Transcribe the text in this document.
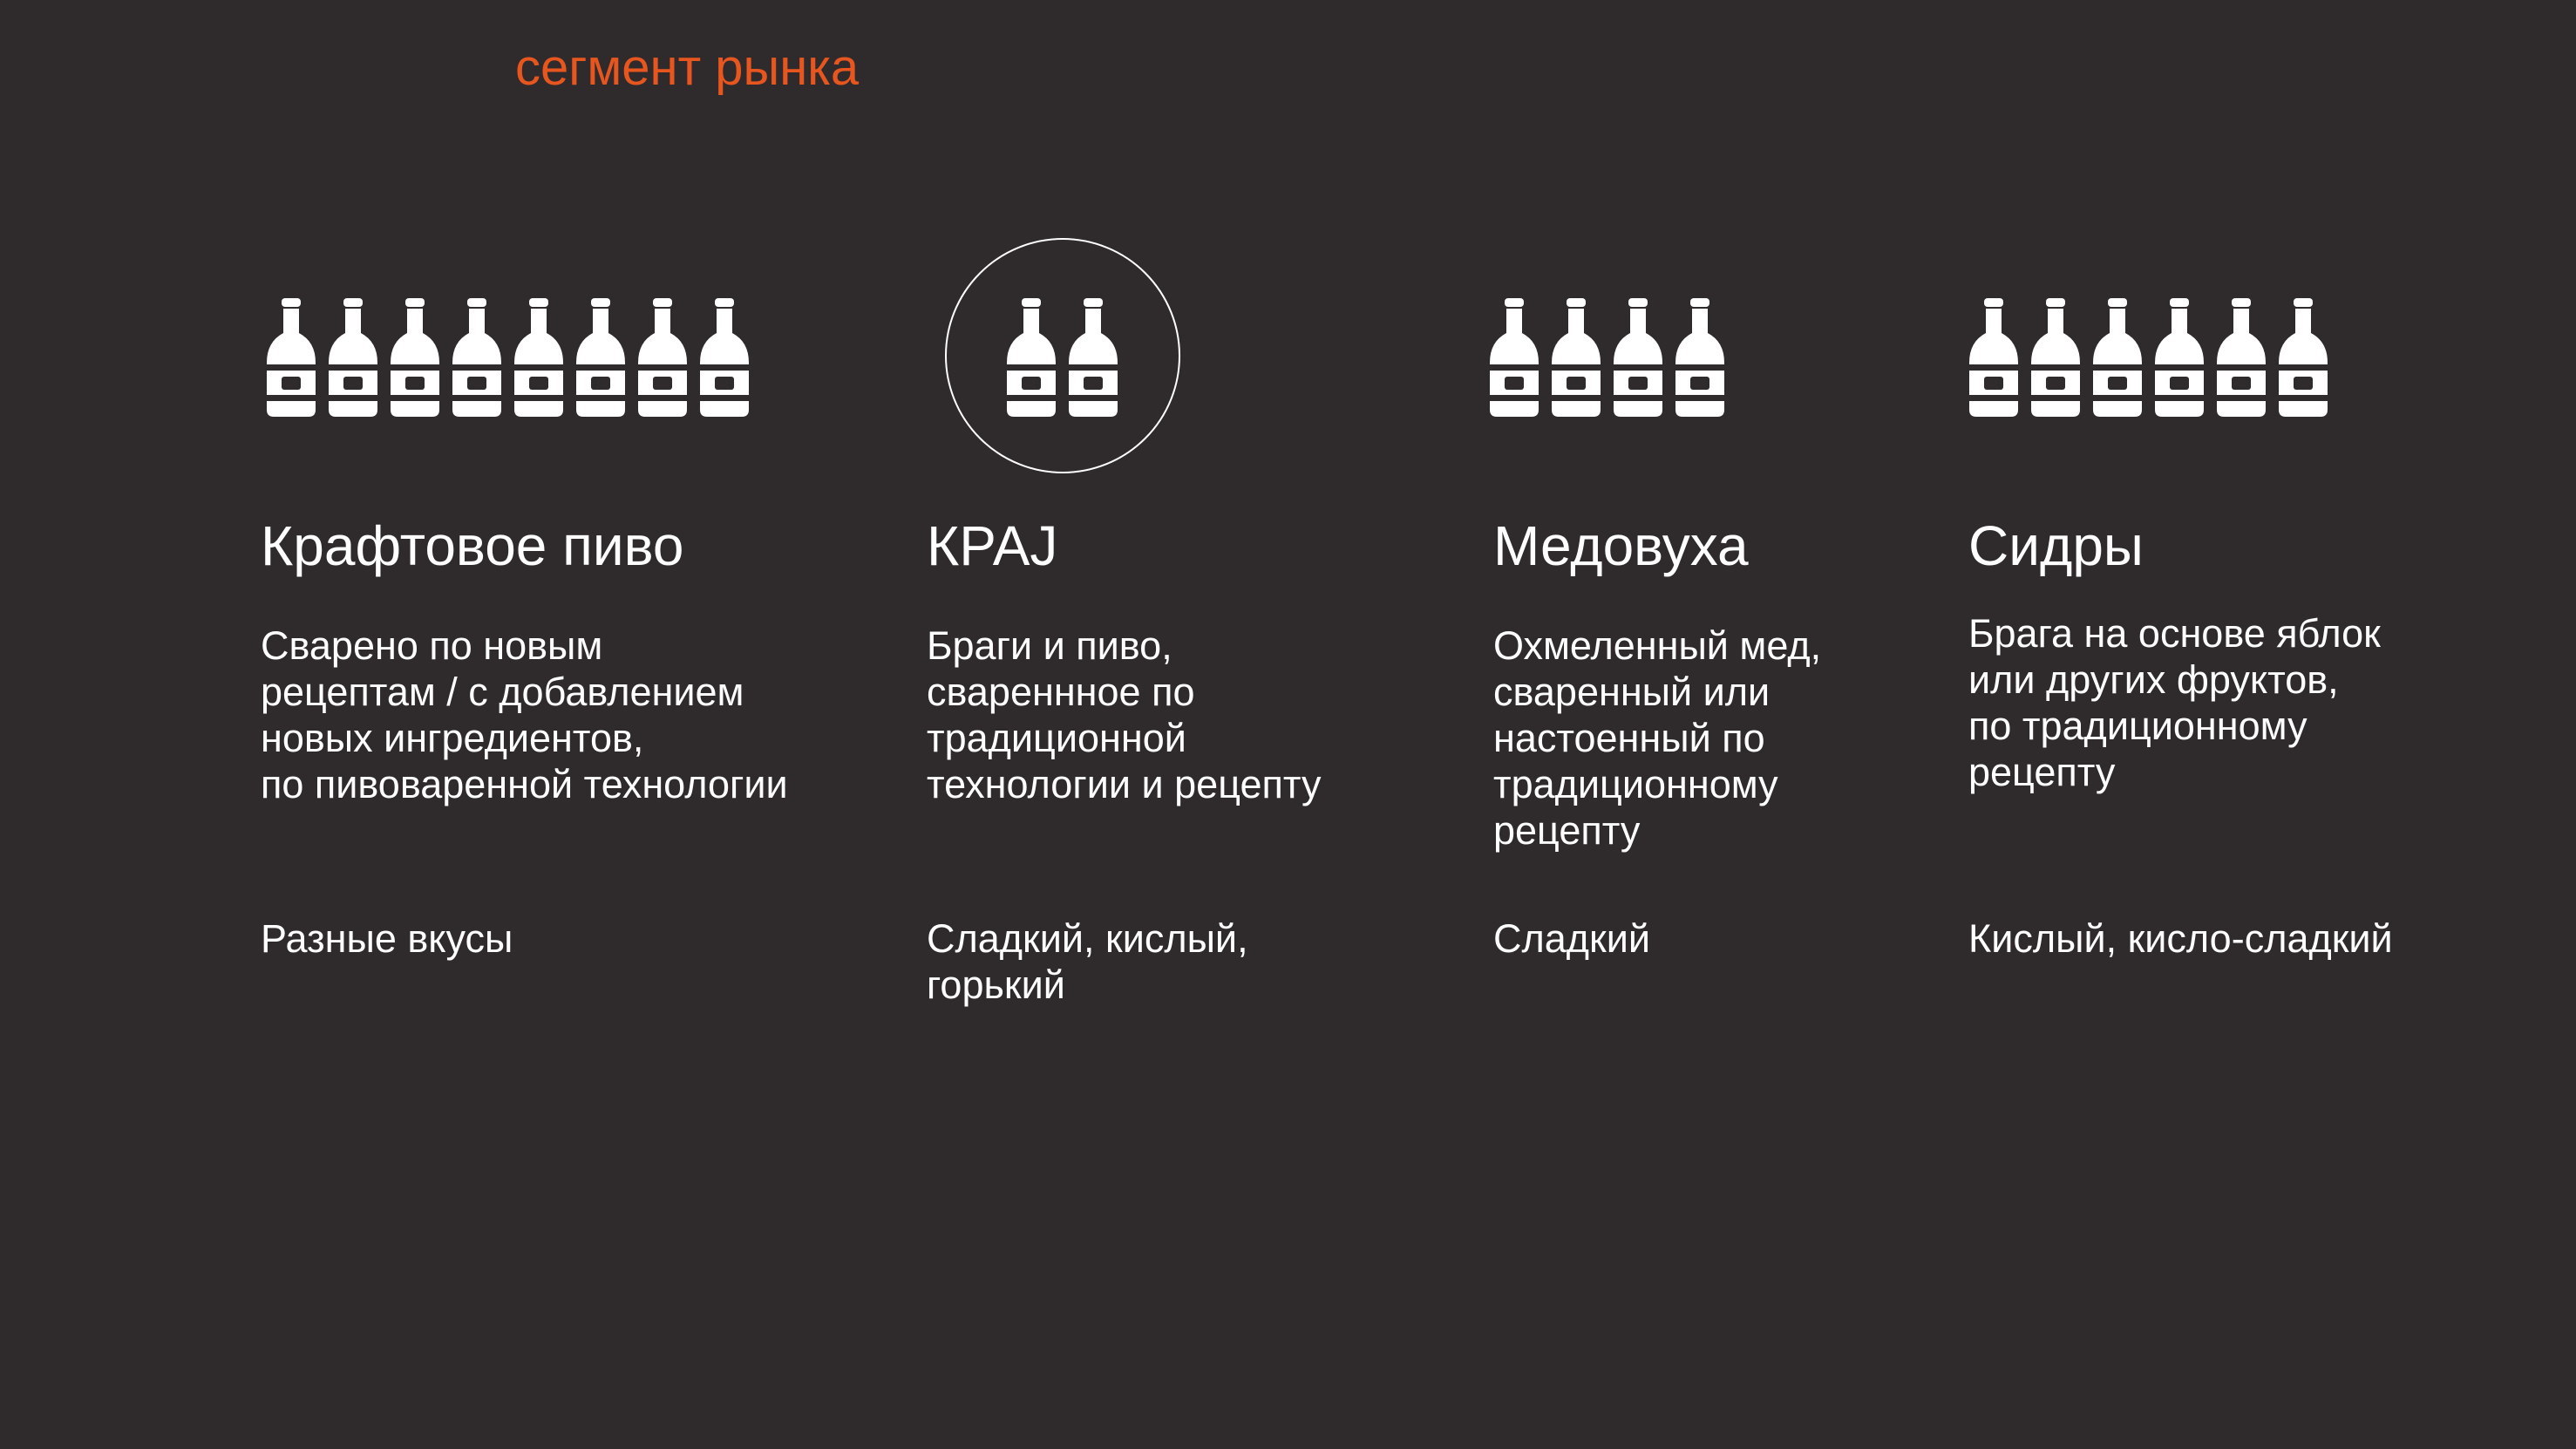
сегмент рынка
Крафтовое пиво
Сварено по новым
рецептам / с добавлением
новых ингредиентов,
по пивоваренной технологии
Разные вкусы
КРАЈ
Браги и пиво,
свареннное по
традиционной
технологии и рецепту
Сладкий, кислый,
горький
Медовуха
Охмеленный мед,
сваренный или
настоенный по
традиционному
рецепту
Сладкий
Сидры
Брага на основе яблок
или других фруктов,
по традиционному
рецепту
Кислый, кисло-сладкий
